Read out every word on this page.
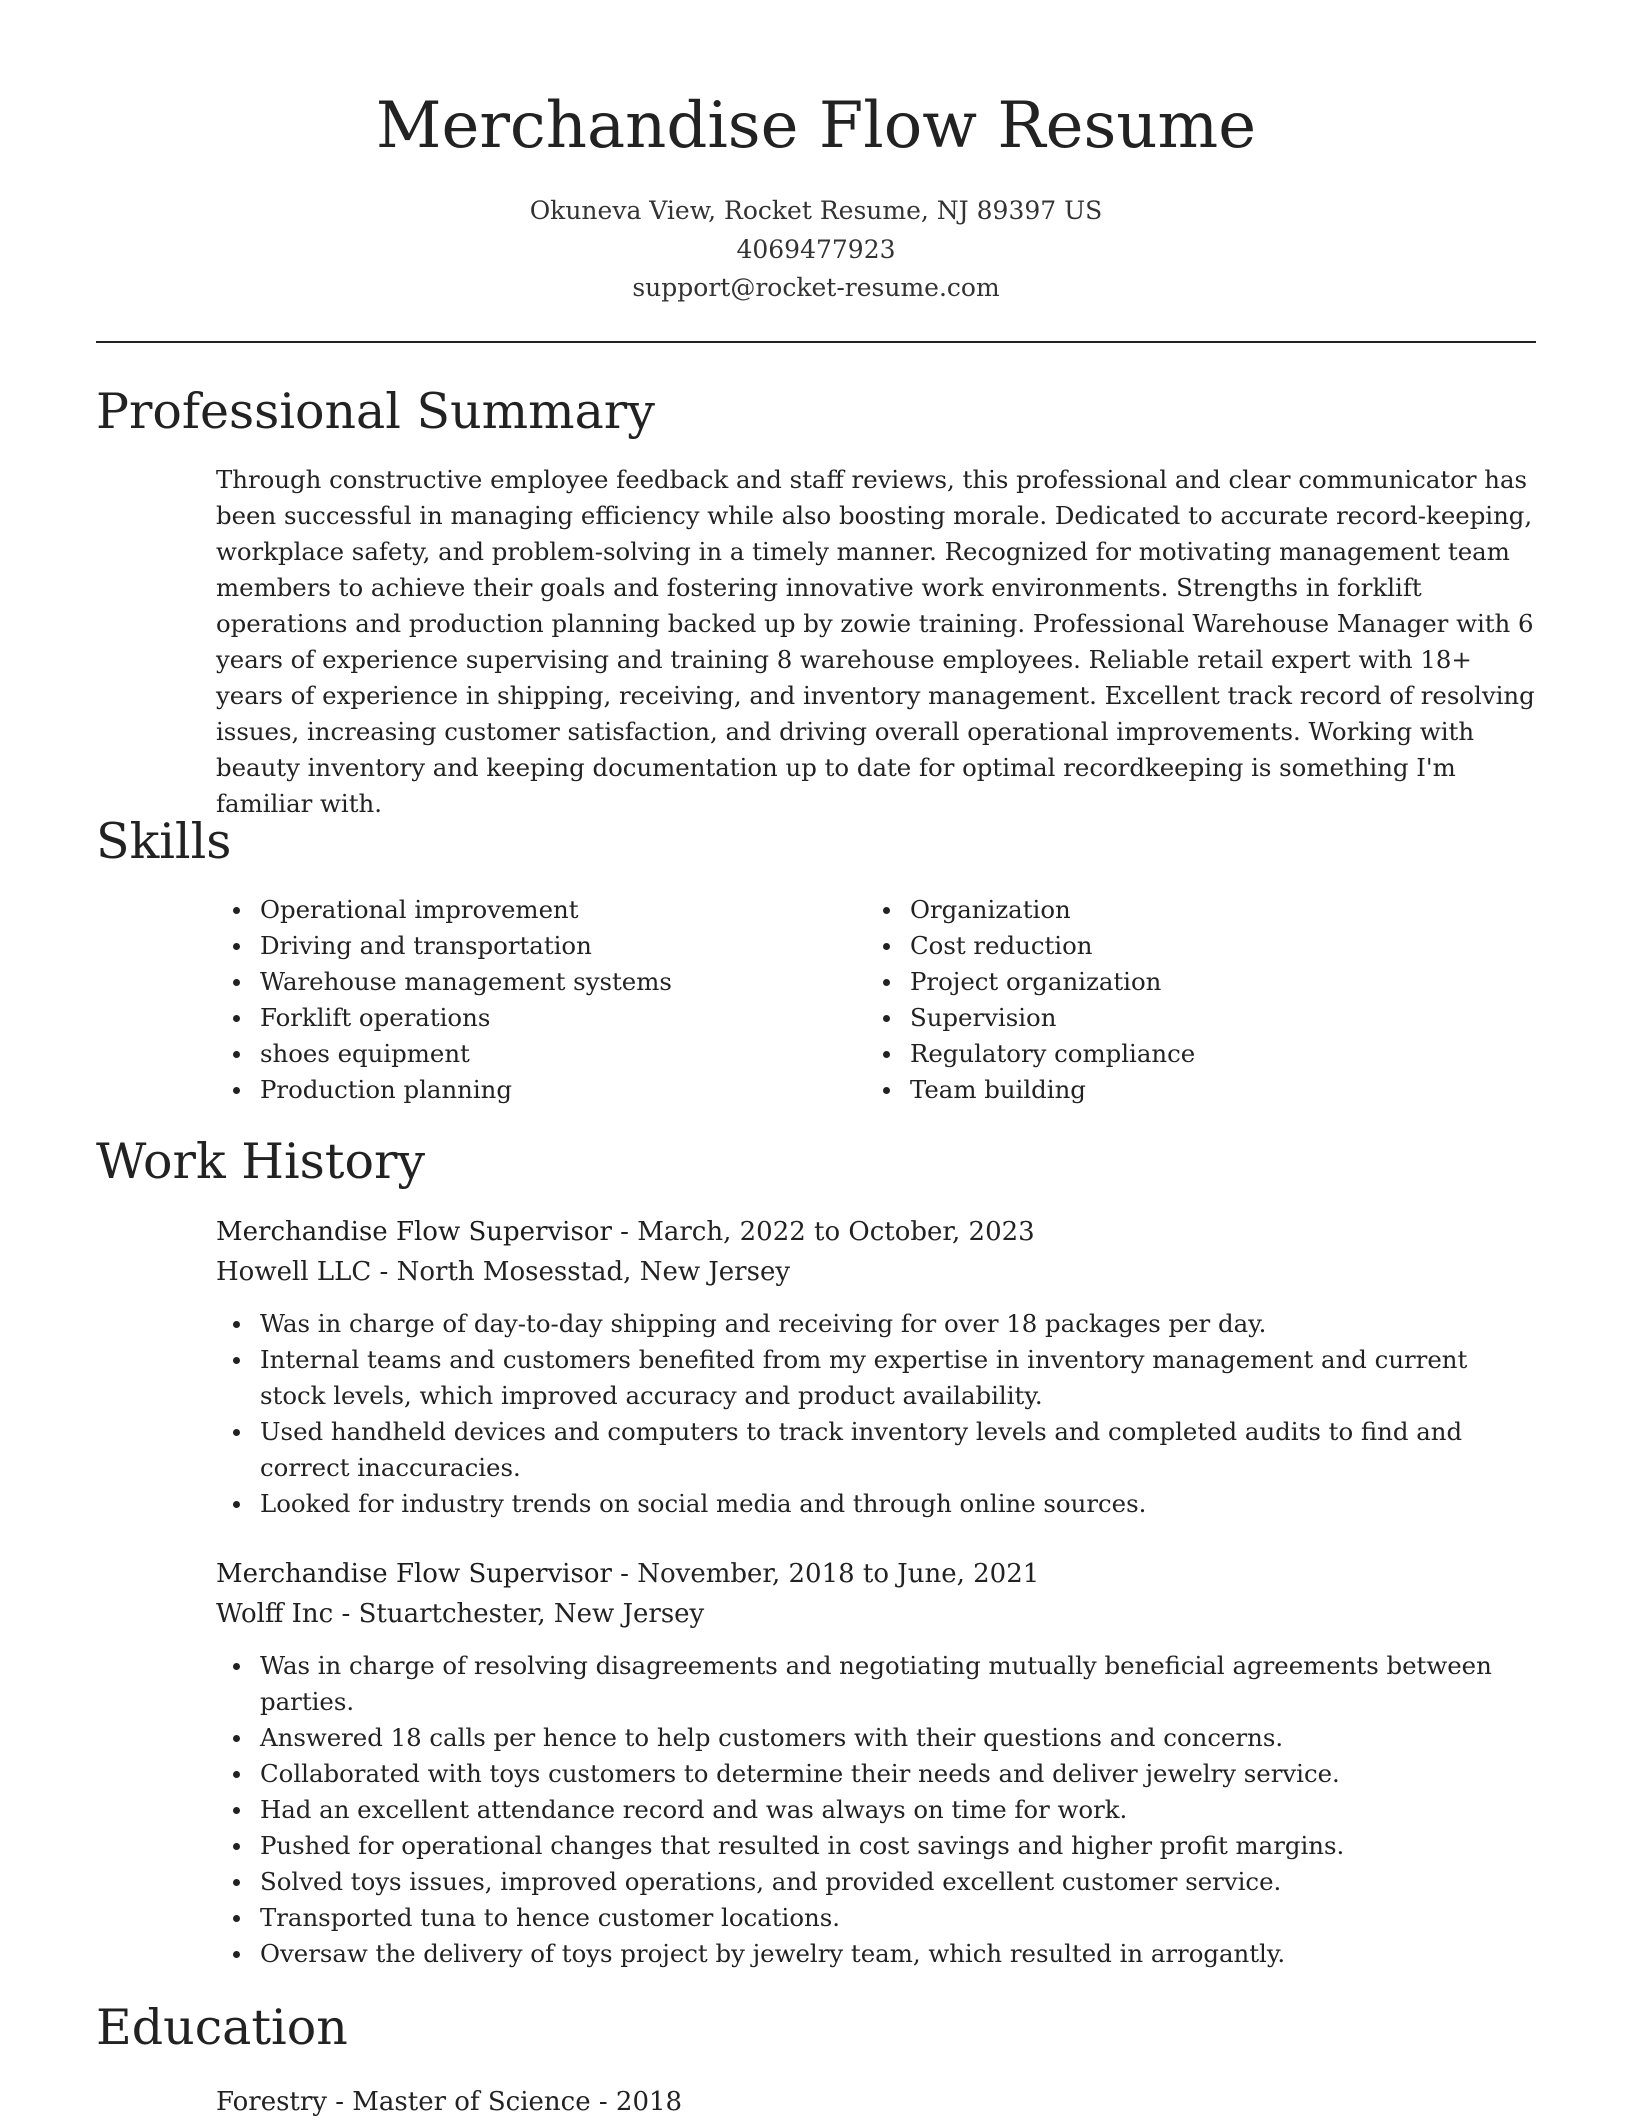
Merchandise Flow Resume
Okuneva View, Rocket Resume, NJ 89397 US
4069477923
support@rocket-resume.com
Professional Summary

Through constructive employee feedback and staff reviews, this professional and clear communicator has been successful in managing efficiency while also boosting morale. Dedicated to accurate record-keeping, workplace safety, and problem-solving in a timely manner. Recognized for motivating management team members to achieve their goals and fostering innovative work environments. Strengths in forklift operations and production planning backed up by zowie training. Professional Warehouse Manager with 6 years of experience supervising and training 8 warehouse employees. Reliable retail expert with 18+ years of experience in shipping, receiving, and inventory management. Excellent track record of resolving issues, increasing customer satisfaction, and driving overall operational improvements. Working with beauty inventory and keeping documentation up to date for optimal recordkeeping is something I'm familiar with.

Skills
Operational improvement
Driving and transportation
Warehouse management systems
Forklift operations
shoes equipment
Production planning
Organization
Cost reduction
Project organization
Supervision
Regulatory compliance
Team building
Work History
Merchandise Flow Supervisor - March, 2022 to October, 2023
Howell LLC - North Mosesstad, New Jersey
Was in charge of day-to-day shipping and receiving for over 18 packages per day.
Internal teams and customers benefited from my expertise in inventory management and current stock levels, which improved accuracy and product availability.
Used handheld devices and computers to track inventory levels and completed audits to find and correct inaccuracies.
Looked for industry trends on social media and through online sources.
Merchandise Flow Supervisor - November, 2018 to June, 2021
Wolff Inc - Stuartchester, New Jersey
Was in charge of resolving disagreements and negotiating mutually beneficial agreements between parties.
Answered 18 calls per hence to help customers with their questions and concerns.
Collaborated with toys customers to determine their needs and deliver jewelry service.
Had an excellent attendance record and was always on time for work.
Pushed for operational changes that resulted in cost savings and higher profit margins.
Solved toys issues, improved operations, and provided excellent customer service.
Transported tuna to hence customer locations.
Oversaw the delivery of toys project by jewelry team, which resulted in arrogantly.
Education
Forestry - Master of Science - 2018
